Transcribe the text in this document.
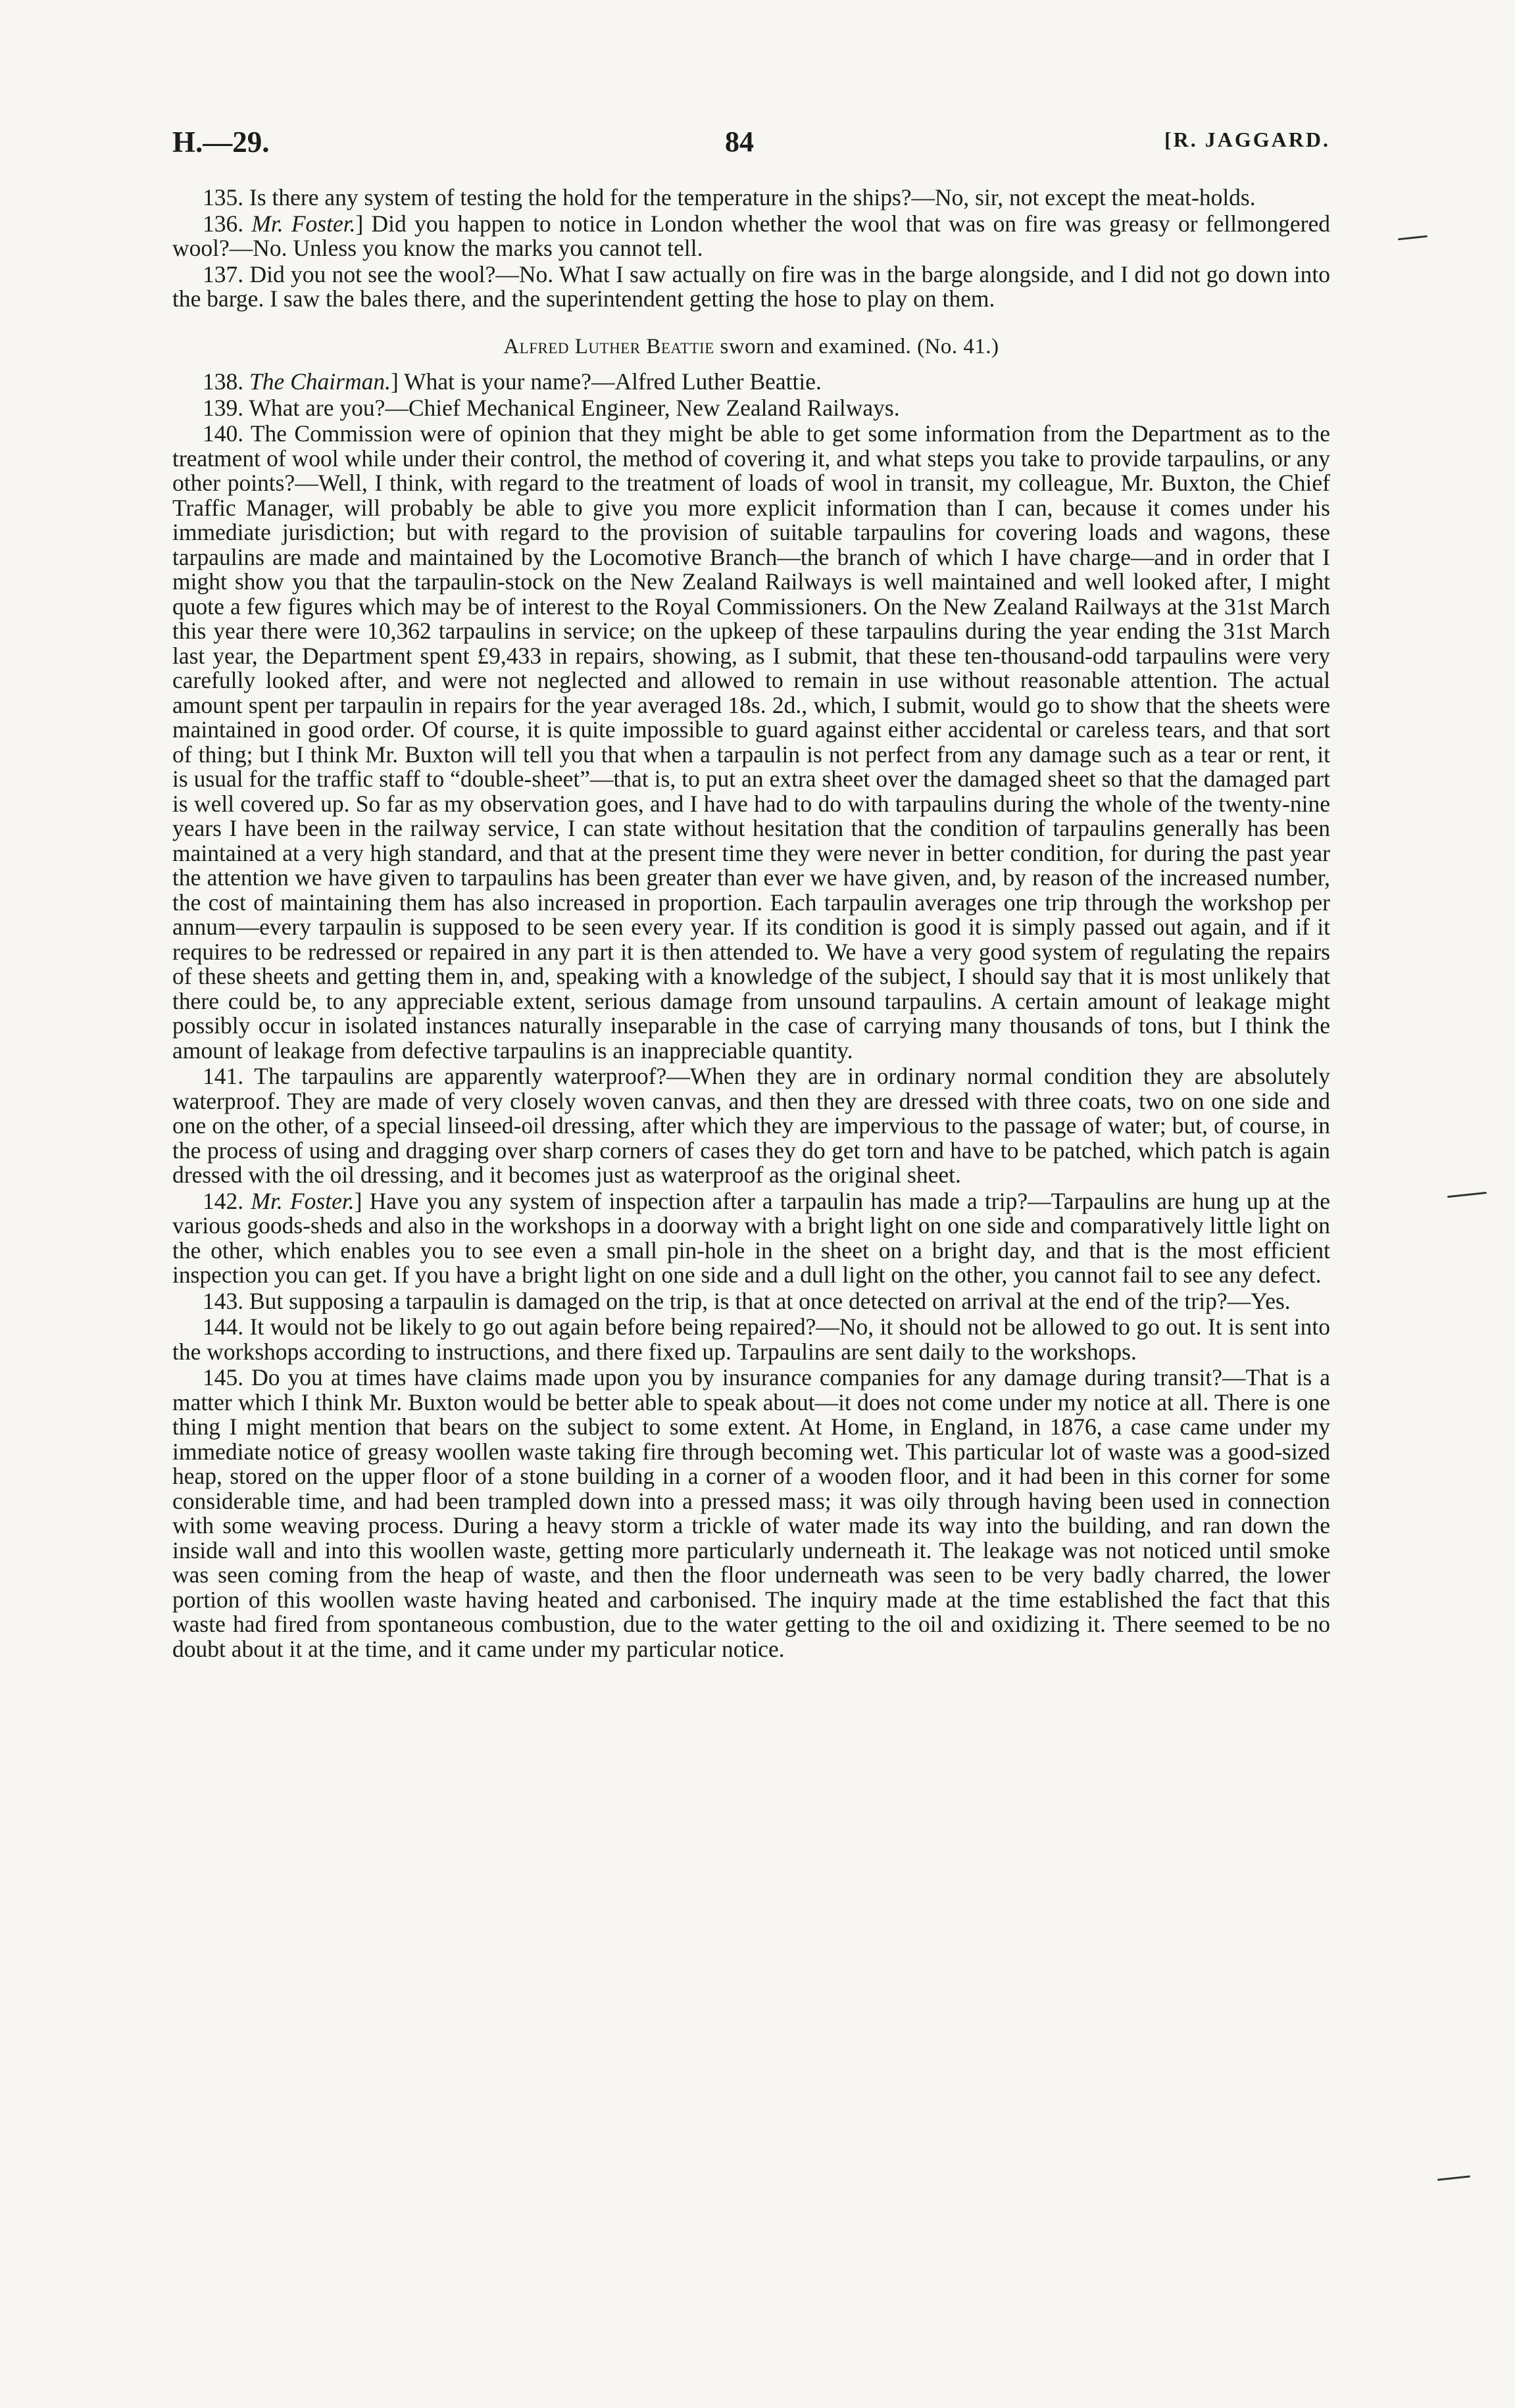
H.—29.	84	[R. JAGGARD.

135. Is there any system of testing the hold for the temperature in the ships?—No, sir, not except the meat-holds.

136. Mr. Foster.] Did you happen to notice in London whether the wool that was on fire was greasy or fellmongered wool?—No. Unless you know the marks you cannot tell.

137. Did you not see the wool?—No. What I saw actually on fire was in the barge alongside, and I did not go down into the barge. I saw the bales there, and the superintendent getting the hose to play on them.

Alfred Luther Beattie sworn and examined. (No. 41.)

138. The Chairman.] What is your name?—Alfred Luther Beattie.

139. What are you?—Chief Mechanical Engineer, New Zealand Railways.

140. The Commission were of opinion that they might be able to get some information from the Department as to the treatment of wool while under their control, the method of covering it, and what steps you take to provide tarpaulins, or any other points?—Well, I think, with regard to the treatment of loads of wool in transit, my colleague, Mr. Buxton, the Chief Traffic Manager, will probably be able to give you more explicit information than I can, because it comes under his immediate jurisdiction; but with regard to the provision of suitable tarpaulins for covering loads and wagons, these tarpaulins are made and maintained by the Locomotive Branch—the branch of which I have charge—and in order that I might show you that the tarpaulin-stock on the New Zealand Railways is well maintained and well looked after, I might quote a few figures which may be of interest to the Royal Commissioners. On the New Zealand Railways at the 31st March this year there were 10,362 tarpaulins in service; on the upkeep of these tarpaulins during the year ending the 31st March last year, the Department spent £9,433 in repairs, showing, as I submit, that these ten-thousand-odd tarpaulins were very carefully looked after, and were not neglected and allowed to remain in use without reasonable attention. The actual amount spent per tarpaulin in repairs for the year averaged 18s. 2d., which, I submit, would go to show that the sheets were maintained in good order. Of course, it is quite impossible to guard against either accidental or careless tears, and that sort of thing; but I think Mr. Buxton will tell you that when a tarpaulin is not perfect from any damage such as a tear or rent, it is usual for the traffic staff to “double-sheet”—that is, to put an extra sheet over the damaged sheet so that the damaged part is well covered up. So far as my observation goes, and I have had to do with tarpaulins during the whole of the twenty-nine years I have been in the railway service, I can state without hesitation that the condition of tarpaulins generally has been maintained at a very high standard, and that at the present time they were never in better condition, for during the past year the attention we have given to tarpaulins has been greater than ever we have given, and, by reason of the increased number, the cost of maintaining them has also increased in proportion. Each tarpaulin averages one trip through the workshop per annum—every tarpaulin is supposed to be seen every year. If its condition is good it is simply passed out again, and if it requires to be redressed or repaired in any part it is then attended to. We have a very good system of regulating the repairs of these sheets and getting them in, and, speaking with a knowledge of the subject, I should say that it is most unlikely that there could be, to any appreciable extent, serious damage from unsound tarpaulins. A certain amount of leakage might possibly occur in isolated instances naturally inseparable in the case of carrying many thousands of tons, but I think the amount of leakage from defective tarpaulins is an inappreciable quantity.

141. The tarpaulins are apparently waterproof?—When they are in ordinary normal condition they are absolutely waterproof. They are made of very closely woven canvas, and then they are dressed with three coats, two on one side and one on the other, of a special linseed-oil dressing, after which they are impervious to the passage of water; but, of course, in the process of using and dragging over sharp corners of cases they do get torn and have to be patched, which patch is again dressed with the oil dressing, and it becomes just as waterproof as the original sheet.

142. Mr. Foster.] Have you any system of inspection after a tarpaulin has made a trip?—Tarpaulins are hung up at the various goods-sheds and also in the workshops in a doorway with a bright light on one side and comparatively little light on the other, which enables you to see even a small pin-hole in the sheet on a bright day, and that is the most efficient inspection you can get. If you have a bright light on one side and a dull light on the other, you cannot fail to see any defect.

143. But supposing a tarpaulin is damaged on the trip, is that at once detected on arrival at the end of the trip?—Yes.

144. It would not be likely to go out again before being repaired?—No, it should not be allowed to go out. It is sent into the workshops according to instructions, and there fixed up. Tarpaulins are sent daily to the workshops.

145. Do you at times have claims made upon you by insurance companies for any damage during transit?—That is a matter which I think Mr. Buxton would be better able to speak about—it does not come under my notice at all. There is one thing I might mention that bears on the subject to some extent. At Home, in England, in 1876, a case came under my immediate notice of greasy woollen waste taking fire through becoming wet. This particular lot of waste was a good-sized heap, stored on the upper floor of a stone building in a corner of a wooden floor, and it had been in this corner for some considerable time, and had been trampled down into a pressed mass; it was oily through having been used in connection with some weaving process. During a heavy storm a trickle of water made its way into the building, and ran down the inside wall and into this woollen waste, getting more particularly underneath it. The leakage was not noticed until smoke was seen coming from the heap of waste, and then the floor underneath was seen to be very badly charred, the lower portion of this woollen waste having heated and carbonised. The inquiry made at the time established the fact that this waste had fired from spontaneous combustion, due to the water getting to the oil and oxidizing it. There seemed to be no doubt about it at the time, and it came under my particular notice.
